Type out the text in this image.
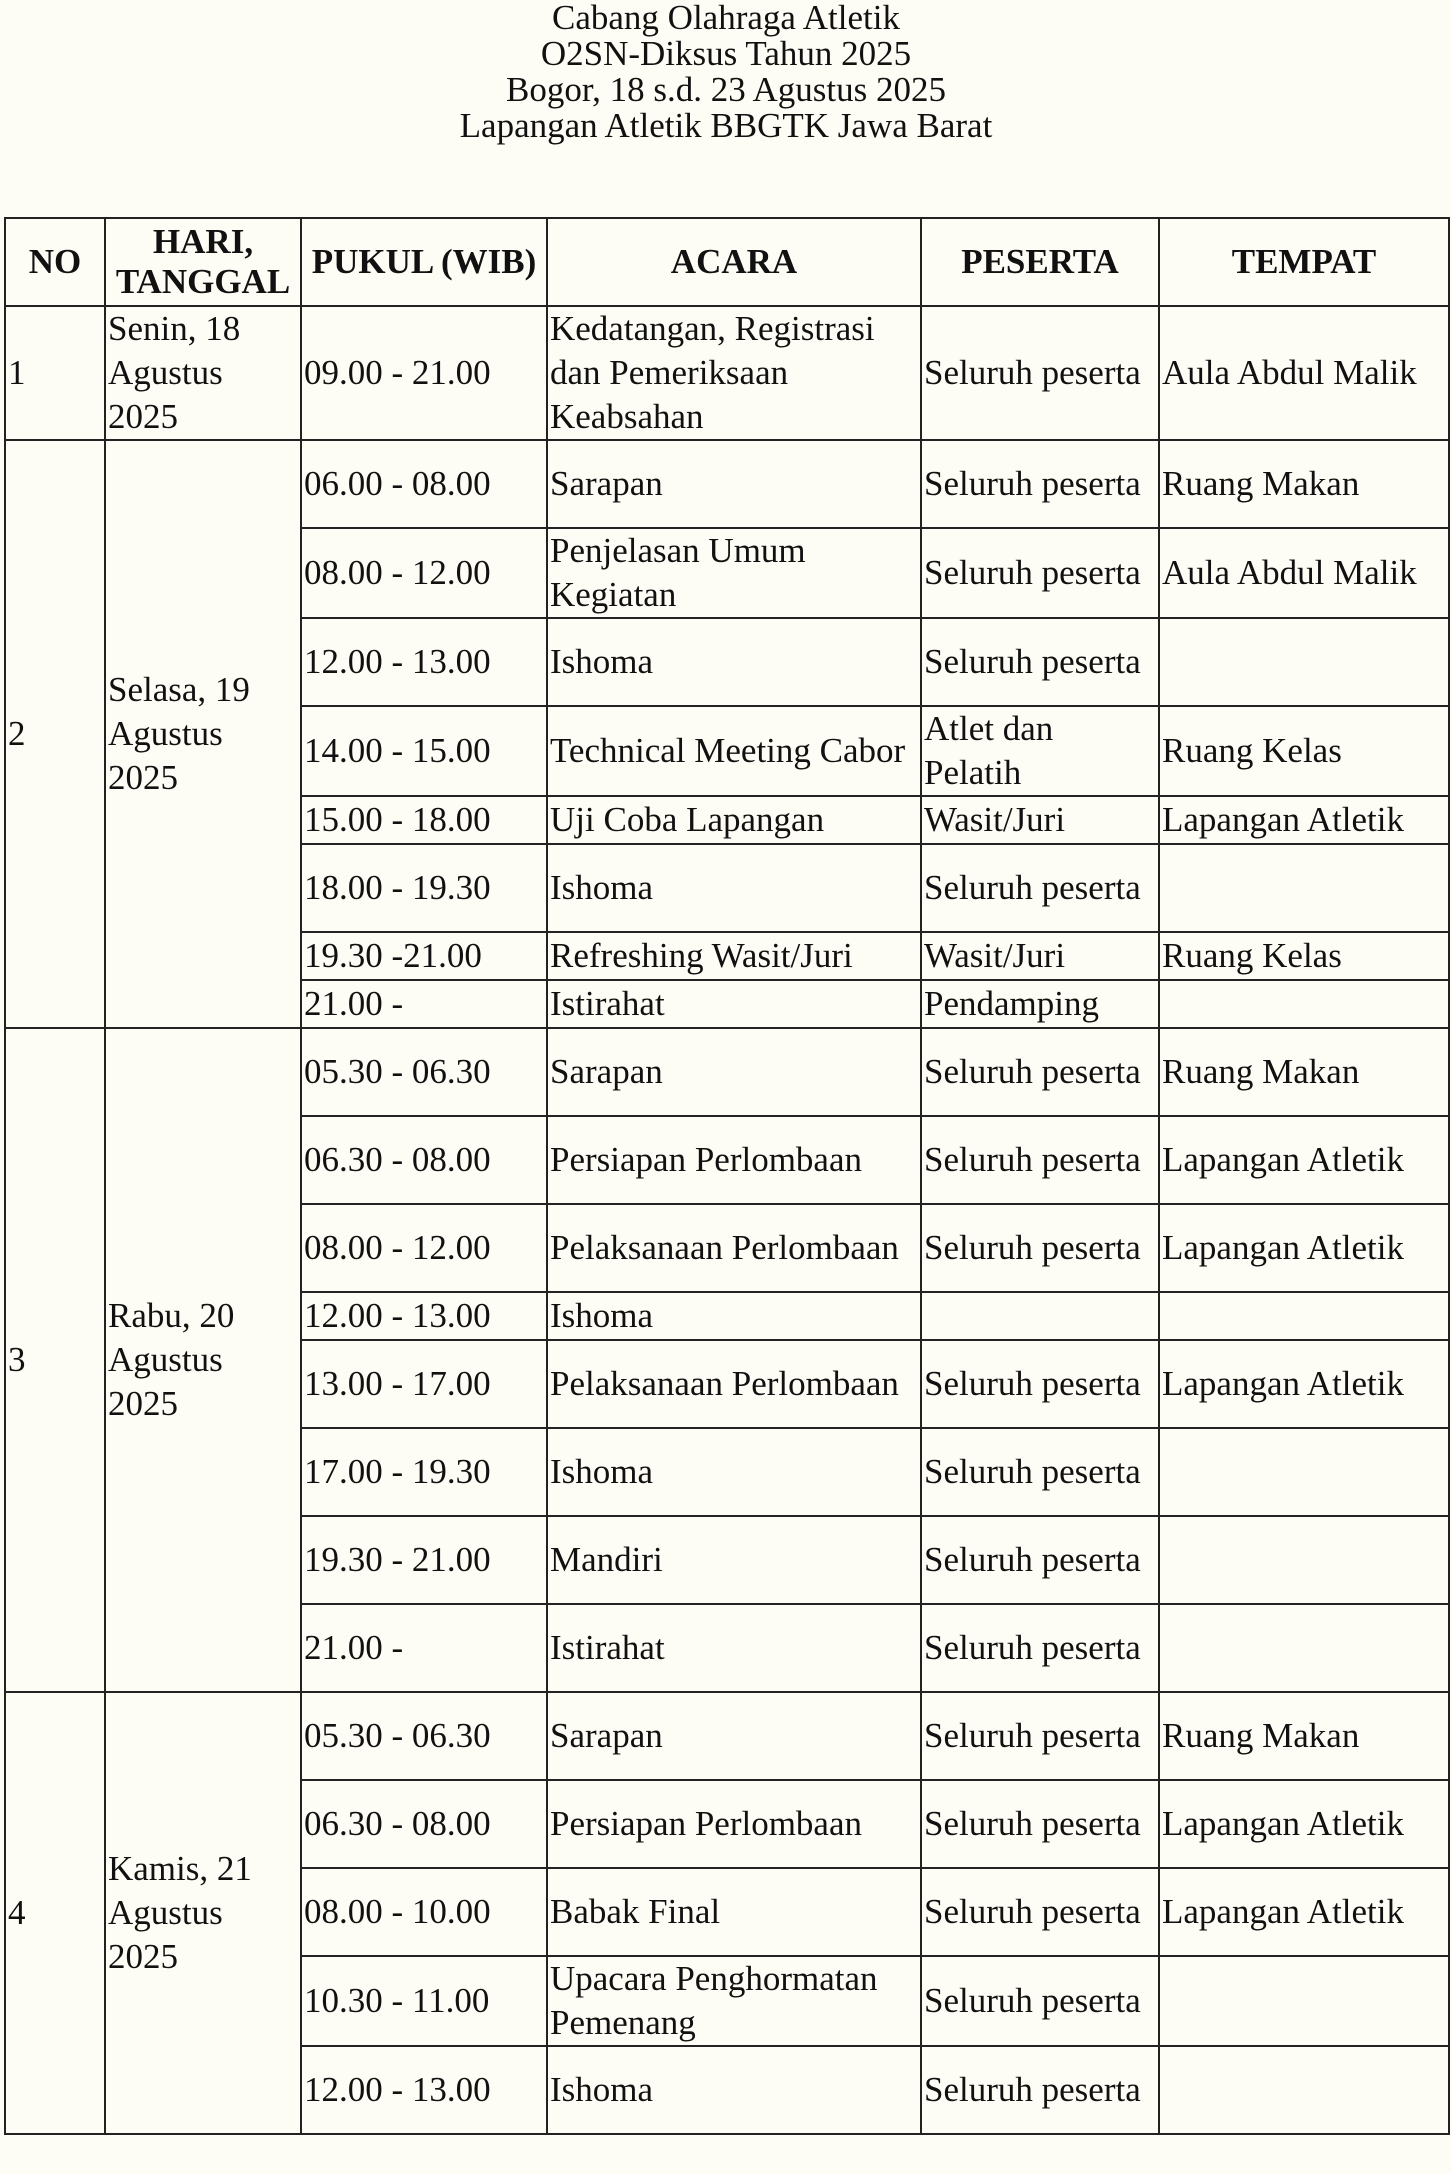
Cabang Olahraga Atletik
O2SN-Diksus Tahun 2025
Bogor, 18 s.d. 23 Agustus 2025
Lapangan Atletik BBGTK Jawa Barat
NO	HARI, TANGGAL	PUKUL (WIB)	ACARA	PESERTA	TEMPAT
1	Senin, 18 Agustus 2025	09.00 - 21.00	Kedatangan, Registrasi dan Pemeriksaan Keabsahan	Seluruh peserta	Aula Abdul Malik
2	Selasa, 19 Agustus 2025	06.00 - 08.00	Sarapan	Seluruh peserta	Ruang Makan
		08.00 - 12.00	Penjelasan Umum Kegiatan	Seluruh peserta	Aula Abdul Malik
		12.00 - 13.00	Ishoma	Seluruh peserta	
		14.00 - 15.00	Technical Meeting Cabor	Atlet dan Pelatih	Ruang Kelas
		15.00 - 18.00	Uji Coba Lapangan	Wasit/Juri	Lapangan Atletik
		18.00 - 19.30	Ishoma	Seluruh peserta	
		19.30 -21.00	Refreshing Wasit/Juri	Wasit/Juri	Ruang Kelas
		21.00 -	Istirahat	Pendamping	
3	Rabu, 20 Agustus 2025	05.30 - 06.30	Sarapan	Seluruh peserta	Ruang Makan
		06.30 - 08.00	Persiapan Perlombaan	Seluruh peserta	Lapangan Atletik
		08.00 - 12.00	Pelaksanaan Perlombaan	Seluruh peserta	Lapangan Atletik
		12.00 - 13.00	Ishoma		
		13.00 - 17.00	Pelaksanaan Perlombaan	Seluruh peserta	Lapangan Atletik
		17.00 - 19.30	Ishoma	Seluruh peserta	
		19.30 - 21.00	Mandiri	Seluruh peserta	
		21.00 -	Istirahat	Seluruh peserta	
4	Kamis, 21 Agustus 2025	05.30 - 06.30	Sarapan	Seluruh peserta	Ruang Makan
		06.30 - 08.00	Persiapan Perlombaan	Seluruh peserta	Lapangan Atletik
		08.00 - 10.00	Babak Final	Seluruh peserta	Lapangan Atletik
		10.30 - 11.00	Upacara Penghormatan Pemenang	Seluruh peserta	
		12.00 - 13.00	Ishoma	Seluruh peserta	
